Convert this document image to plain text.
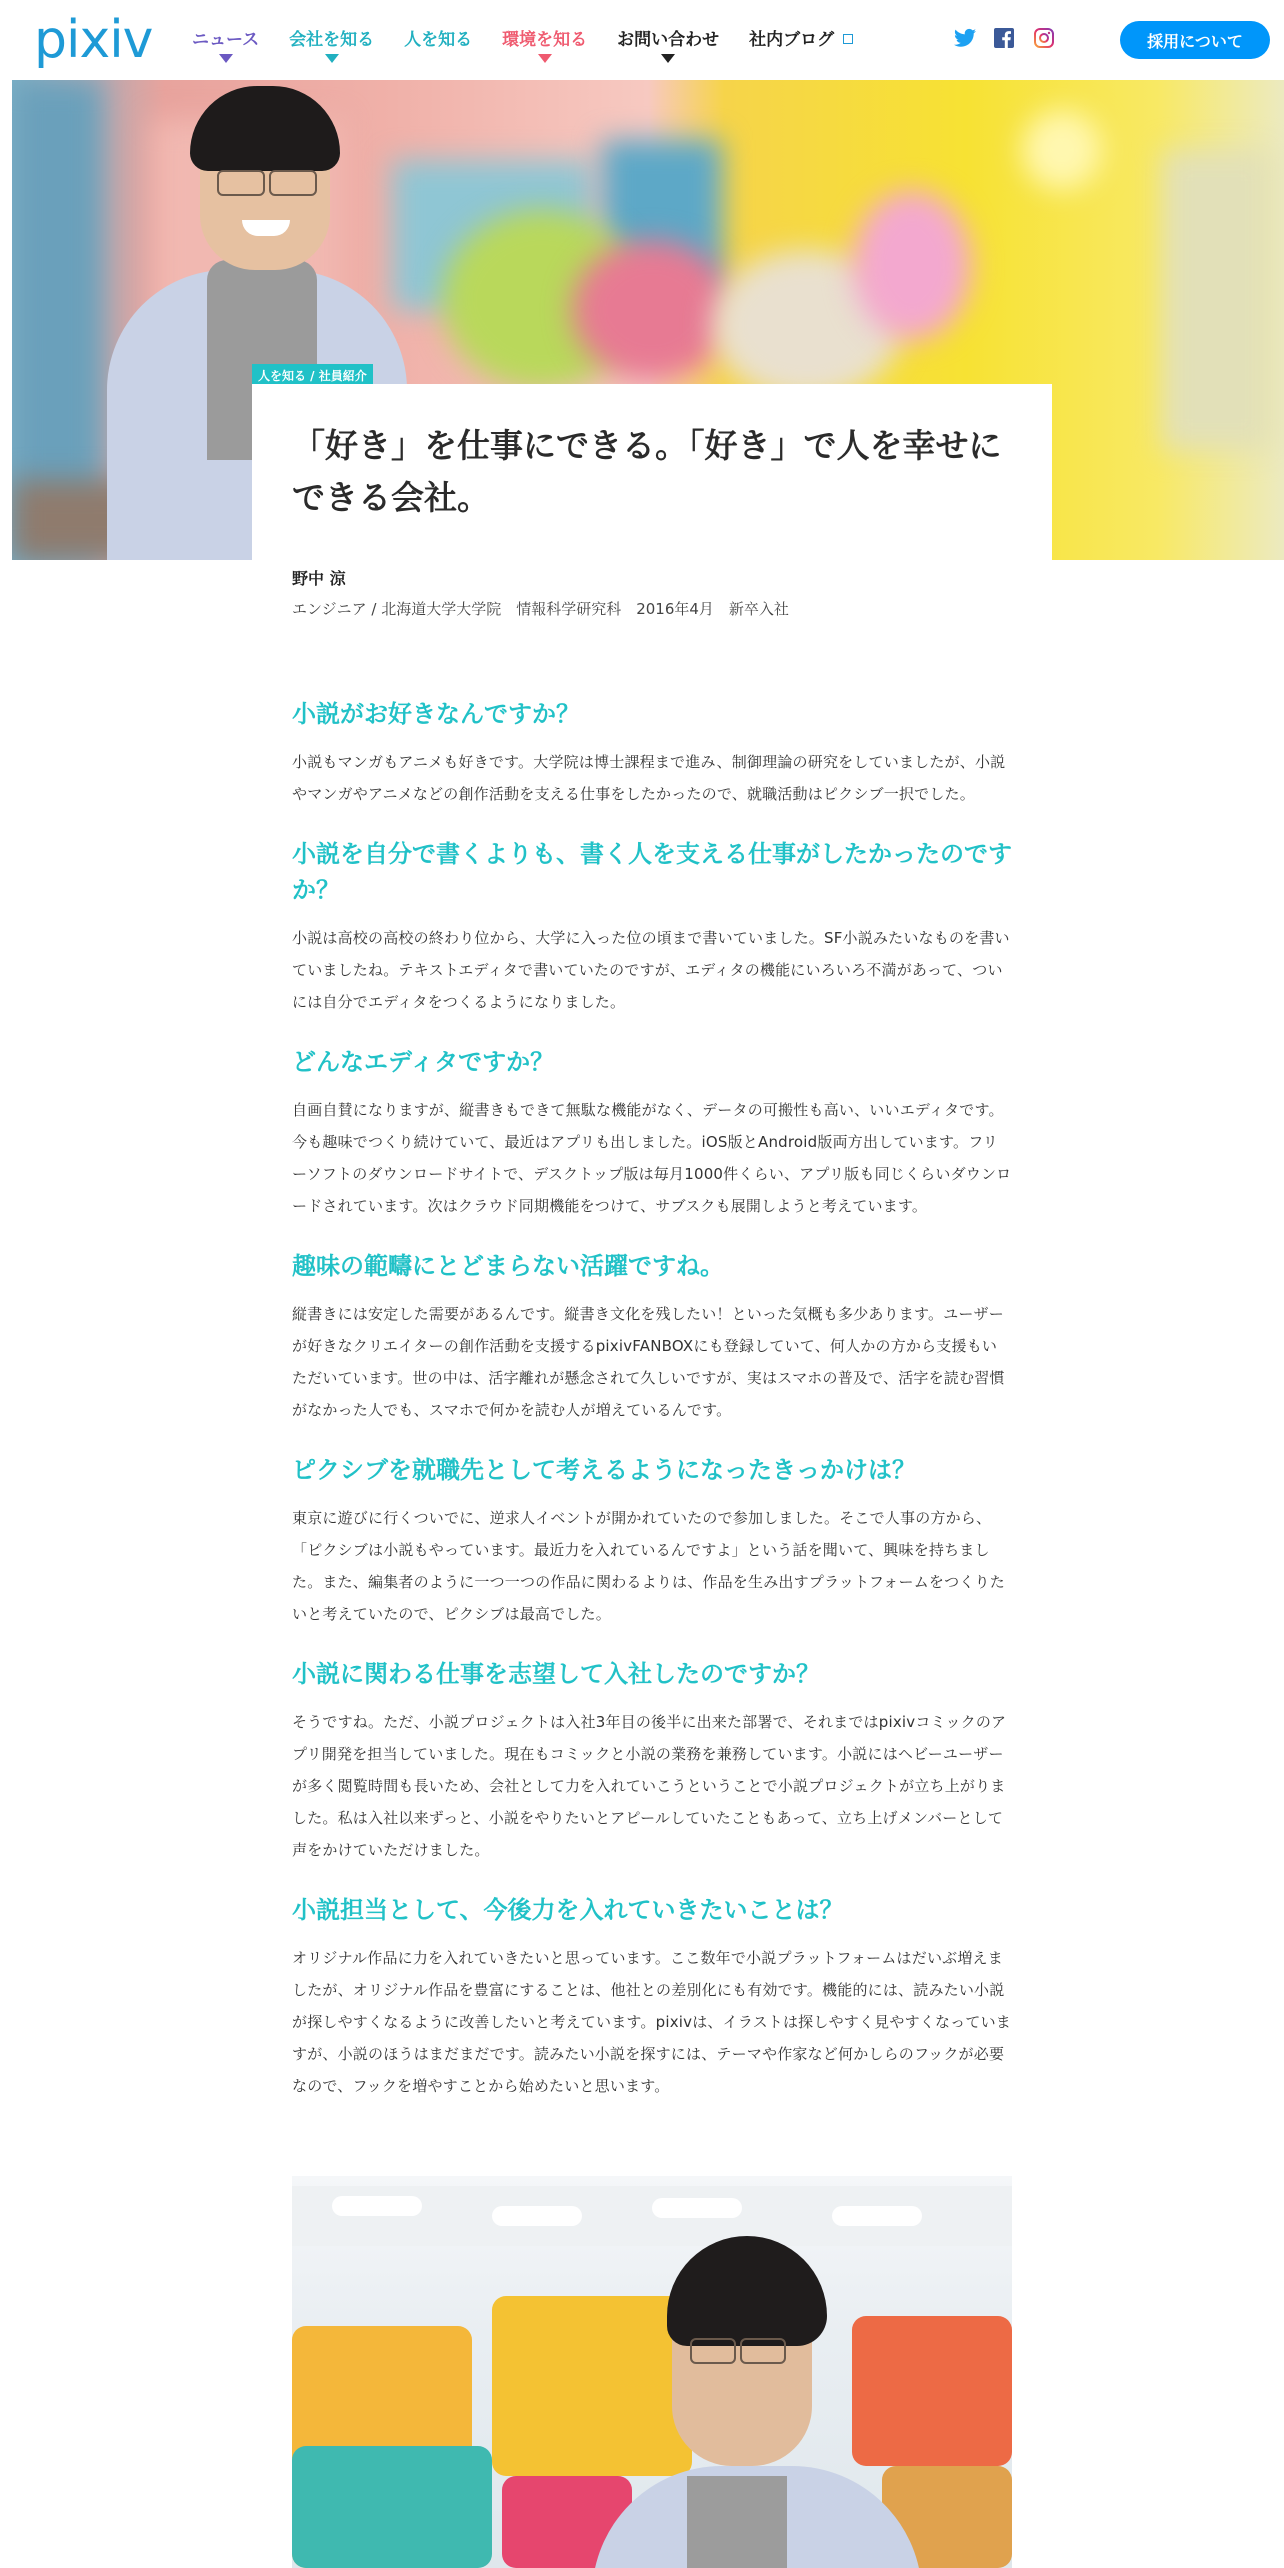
pixiv ニュース 会社を知る 人を知る 環境を知る お問い合わせ 社内ブログ	採用について
人を知る / 社員紹介
「好き」を仕事にできる。「好き」で人を幸せにできる会社。
野中 涼
エンジニア / 北海道大学大学院　情報科学研究科　2016年4月　新卒入社
小説がお好きなんですか？

小説もマンガもアニメも好きです。大学院は博士課程まで進み、制御理論の研究をしていましたが、小説やマンガやアニメなどの創作活動を支える仕事をしたかったので、就職活動はピクシブ一択でした。

小説を自分で書くよりも、書く人を支える仕事がしたかったのですか？

小説は高校の高校の終わり位から、大学に入った位の頃まで書いていました。SF小説みたいなものを書いていましたね。テキストエディタで書いていたのですが、エディタの機能にいろいろ不満があって、ついには自分でエディタをつくるようになりました。

どんなエディタですか？

自画自賛になりますが、縦書きもできて無駄な機能がなく、データの可搬性も高い、いいエディタです。今も趣味でつくり続けていて、最近はアプリも出しました。iOS版とAndroid版両方出しています。フリーソフトのダウンロードサイトで、デスクトップ版は毎月1000件くらい、アプリ版も同じくらいダウンロードされています。次はクラウド同期機能をつけて、サブスクも展開しようと考えています。

趣味の範疇にとどまらない活躍ですね。

縦書きには安定した需要があるんです。縦書き文化を残したい！といった気概も多少あります。ユーザーが好きなクリエイターの創作活動を支援するpixivFANBOXにも登録していて、何人かの方から支援もいただいています。世の中は、活字離れが懸念されて久しいですが、実はスマホの普及で、活字を読む習慣がなかった人でも、スマホで何かを読む人が増えているんです。

ピクシブを就職先として考えるようになったきっかけは？

東京に遊びに行くついでに、逆求人イベントが開かれていたので参加しました。そこで人事の方から、「ピクシブは小説もやっています。最近力を入れているんですよ」という話を聞いて、興味を持ちました。また、編集者のように一つ一つの作品に関わるよりは、作品を生み出すプラットフォームをつくりたいと考えていたので、ピクシブは最高でした。

小説に関わる仕事を志望して入社したのですか？

そうですね。ただ、小説プロジェクトは入社3年目の後半に出来た部署で、それまではpixivコミックのアプリ開発を担当していました。現在もコミックと小説の業務を兼務しています。小説にはヘビーユーザーが多く閲覧時間も長いため、会社として力を入れていこうということで小説プロジェクトが立ち上がりました。私は入社以来ずっと、小説をやりたいとアピールしていたこともあって、立ち上げメンバーとして声をかけていただけました。

小説担当として、今後力を入れていきたいことは？

オリジナル作品に力を入れていきたいと思っています。ここ数年で小説プラットフォームはだいぶ増えましたが、オリジナル作品を豊富にすることは、他社との差別化にも有効です。機能的には、読みたい小説が探しやすくなるように改善したいと考えています。pixivは、イラストは探しやすく見やすくなっていますが、小説のほうはまだまだです。読みたい小説を探すには、テーマや作家など何かしらのフックが必要なので、フックを増やすことから始めたいと思います。
